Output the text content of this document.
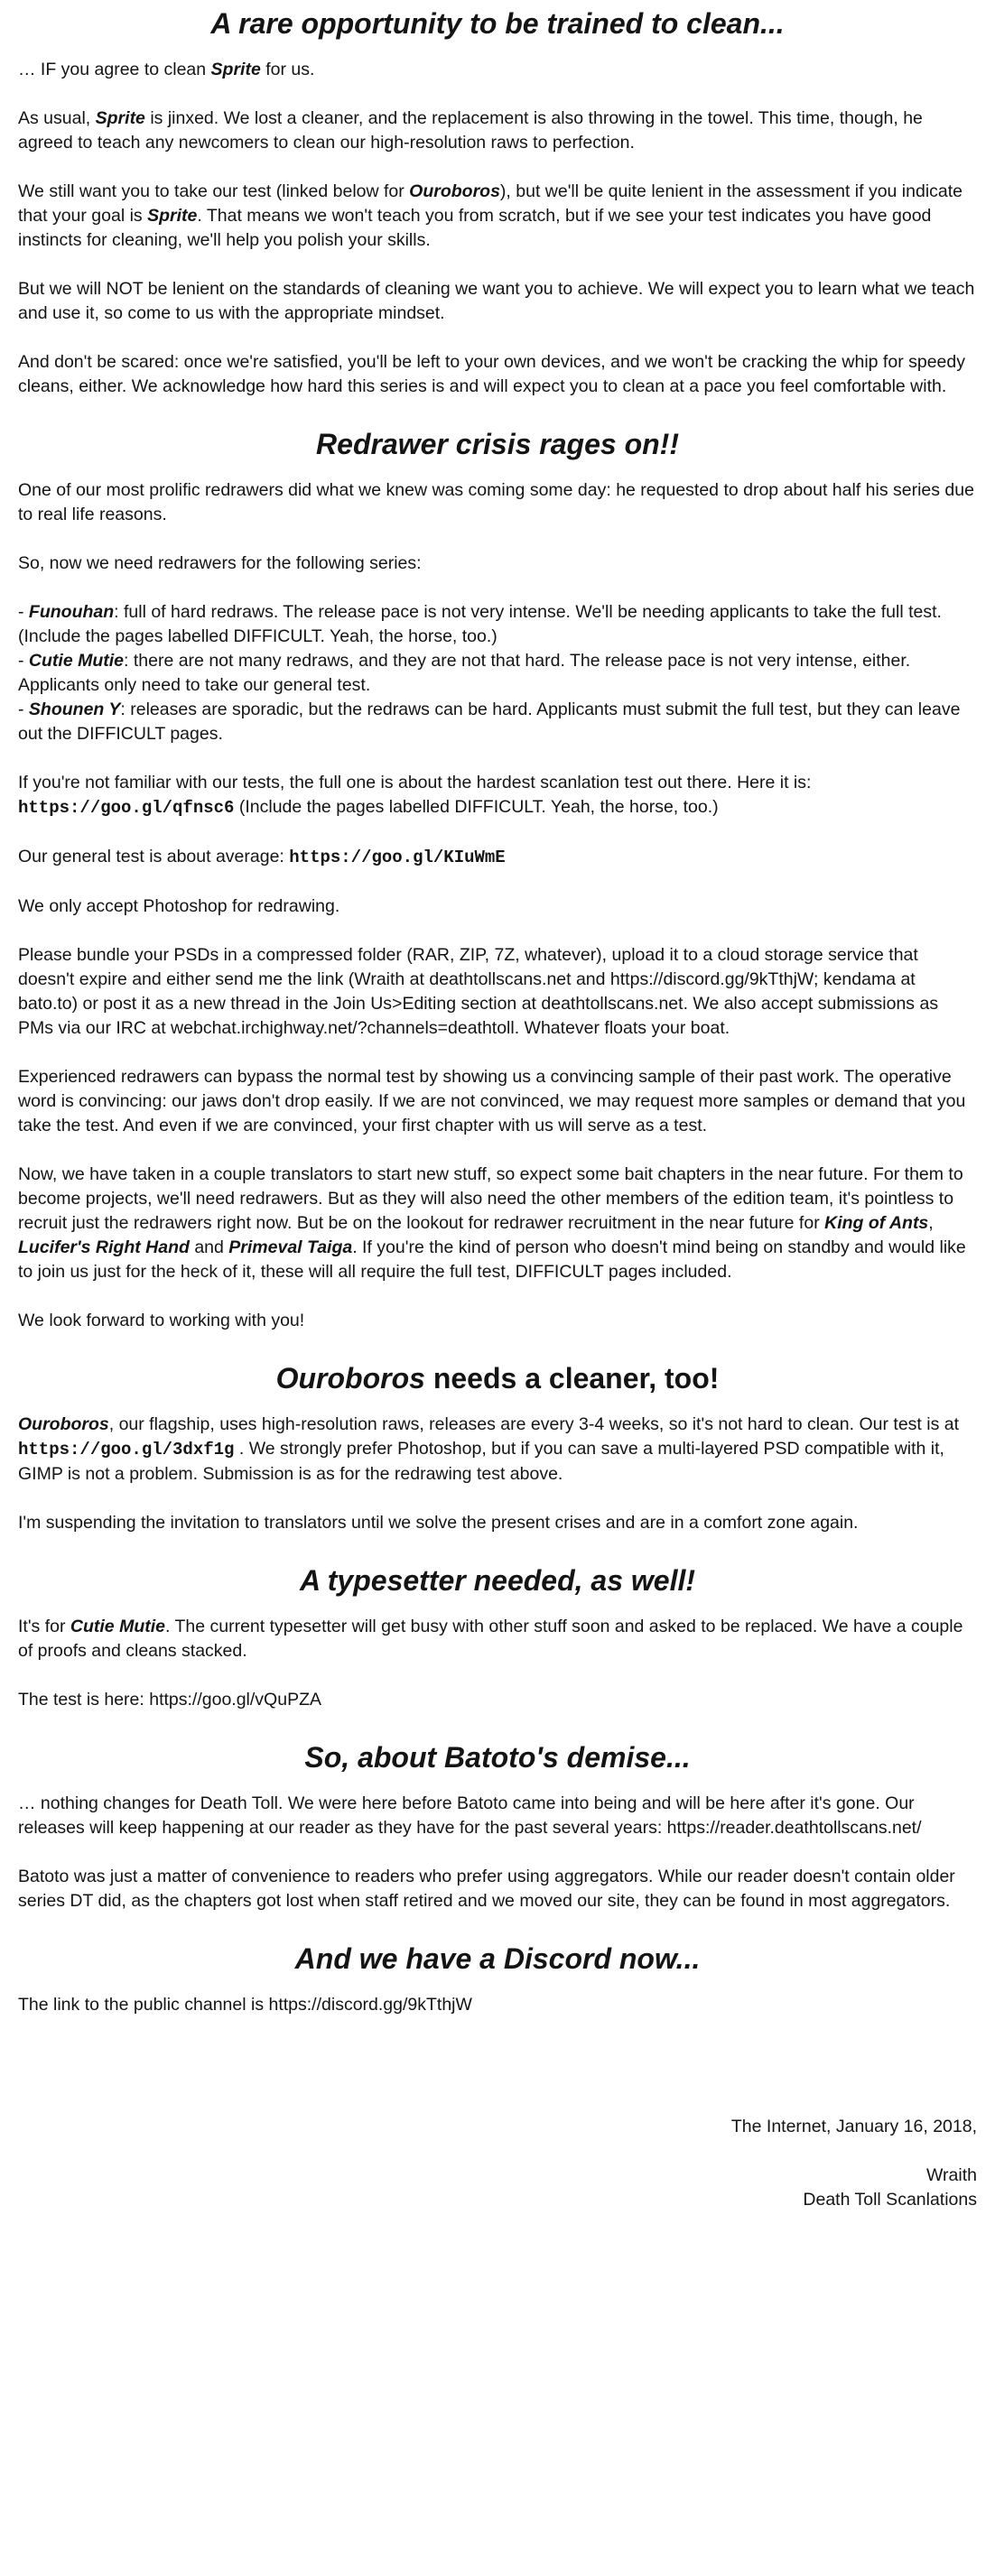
A rare opportunity to be trained to clean...

… IF you agree to clean Sprite for us.

As usual, Sprite is jinxed. We lost a cleaner, and the replacement is also throwing in the towel. This time, though, he agreed to teach any newcomers to clean our high-resolution raws to perfection.

We still want you to take our test (linked below for Ouroboros), but we'll be quite lenient in the assessment if you indicate that your goal is Sprite. That means we won't teach you from scratch, but if we see your test indicates you have good instincts for cleaning, we'll help you polish your skills.

But we will NOT be lenient on the standards of cleaning we want you to achieve. We will expect you to learn what we teach and use it, so come to us with the appropriate mindset.

And don't be scared: once we're satisfied, you'll be left to your own devices, and we won't be cracking the whip for speedy cleans, either. We acknowledge how hard this series is and will expect you to clean at a pace you feel comfortable with.

Redrawer crisis rages on!!

One of our most prolific redrawers did what we knew was coming some day: he requested to drop about half his series due to real life reasons.

So, now we need redrawers for the following series:

- Funouhan: full of hard redraws. The release pace is not very intense. We'll be needing applicants to take the full test. (Include the pages labelled DIFFICULT. Yeah, the horse, too.)

- Cutie Mutie: there are not many redraws, and they are not that hard. The release pace is not very intense, either. Applicants only need to take our general test.

- Shounen Y: releases are sporadic, but the redraws can be hard. Applicants must submit the full test, but they can leave out the DIFFICULT pages.

If you're not familiar with our tests, the full one is about the hardest scanlation test out there. Here it is: https://goo.gl/qfnsc6 (Include the pages labelled DIFFICULT. Yeah, the horse, too.)

Our general test is about average: https://goo.gl/KIuWmE

We only accept Photoshop for redrawing.

Please bundle your PSDs in a compressed folder (RAR, ZIP, 7Z, whatever), upload it to a cloud storage service that doesn't expire and either send me the link (Wraith at deathtollscans.net and https://discord.gg/9kTthjW; kendama at bato.to) or post it as a new thread in the Join Us>Editing section at deathtollscans.net. We also accept submissions as PMs via our IRC at webchat.irchighway.net/?channels=deathtoll. Whatever floats your boat.

Experienced redrawers can bypass the normal test by showing us a convincing sample of their past work. The operative word is convincing: our jaws don't drop easily. If we are not convinced, we may request more samples or demand that you take the test. And even if we are convinced, your first chapter with us will serve as a test.

Now, we have taken in a couple translators to start new stuff, so expect some bait chapters in the near future. For them to become projects, we'll need redrawers. But as they will also need the other members of the edition team, it's pointless to recruit just the redrawers right now. But be on the lookout for redrawer recruitment in the near future for King of Ants, Lucifer's Right Hand and Primeval Taiga. If you're the kind of person who doesn't mind being on standby and would like to join us just for the heck of it, these will all require the full test, DIFFICULT pages included.

We look forward to working with you!

Ouroboros needs a cleaner, too!

Ouroboros, our flagship, uses high-resolution raws, releases are every 3-4 weeks, so it's not hard to clean. Our test is at https://goo.gl/3dxf1g . We strongly prefer Photoshop, but if you can save a multi-layered PSD compatible with it, GIMP is not a problem. Submission is as for the redrawing test above.

I'm suspending the invitation to translators until we solve the present crises and are in a comfort zone again.

A typesetter needed, as well!

It's for Cutie Mutie. The current typesetter will get busy with other stuff soon and asked to be replaced. We have a couple of proofs and cleans stacked.

The test is here: https://goo.gl/vQuPZA

So, about Batoto's demise...

… nothing changes for Death Toll. We were here before Batoto came into being and will be here after it's gone. Our releases will keep happening at our reader as they have for the past several years: https://reader.deathtollscans.net/

Batoto was just a matter of convenience to readers who prefer using aggregators. While our reader doesn't contain older series DT did, as the chapters got lost when staff retired and we moved our site, they can be found in most aggregators.

And we have a Discord now...

The link to the public channel is https://discord.gg/9kTthjW

The Internet, January 16, 2018,

Wraith

Death Toll Scanlations
